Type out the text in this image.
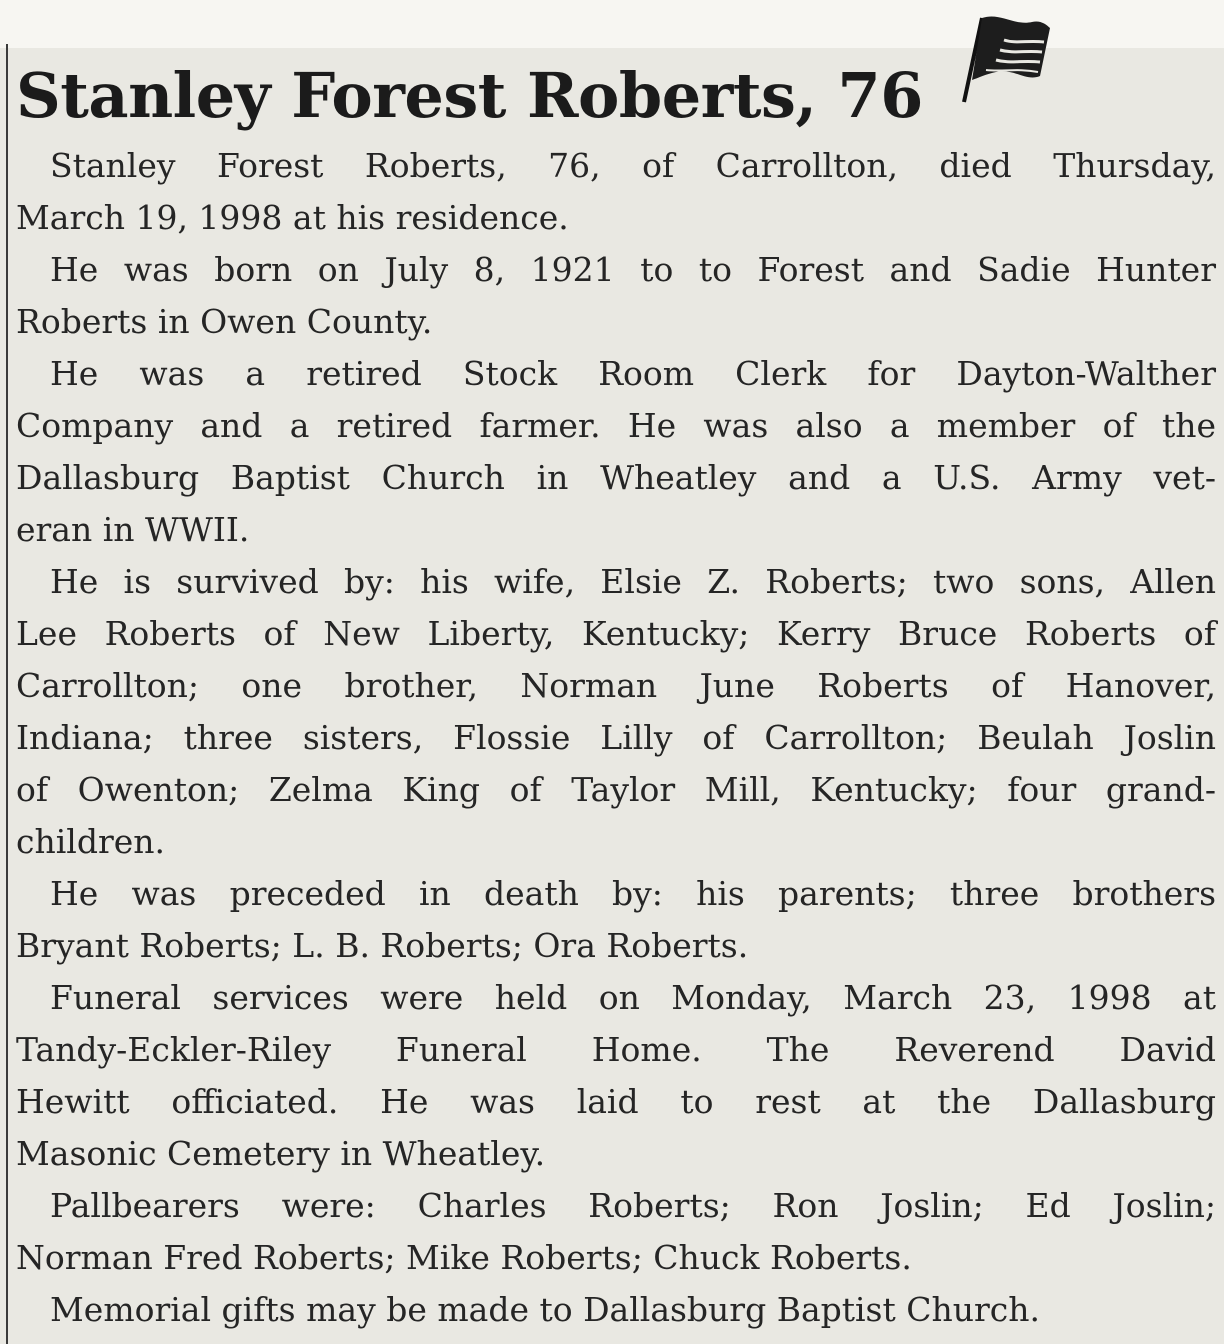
Stanley Forest Roberts, 76
Stanley Forest Roberts, 76, of Carrollton, died Thursday,
March 19, 1998 at his residence.
He was born on July 8, 1921 to to Forest and Sadie Hunter
Roberts in Owen County.
He was a retired Stock Room Clerk for Dayton-Walther
Company and a retired farmer. He was also a member of the
Dallasburg Baptist Church in Wheatley and a U.S. Army vet-
eran in WWII.
He is survived by: his wife, Elsie Z. Roberts; two sons, Allen
Lee Roberts of New Liberty, Kentucky; Kerry Bruce Roberts of
Carrollton; one brother, Norman June Roberts of Hanover,
Indiana; three sisters, Flossie Lilly of Carrollton; Beulah Joslin
of Owenton; Zelma King of Taylor Mill, Kentucky; four grand-
children.
He was preceded in death by: his parents; three brothers
Bryant Roberts; L. B. Roberts; Ora Roberts.
Funeral services were held on Monday, March 23, 1998 at
Tandy-Eckler-Riley Funeral Home. The Reverend David
Hewitt officiated. He was laid to rest at the Dallasburg
Masonic Cemetery in Wheatley.
Pallbearers were: Charles Roberts; Ron Joslin; Ed Joslin;
Norman Fred Roberts; Mike Roberts; Chuck Roberts.
Memorial gifts may be made to Dallasburg Baptist Church.
